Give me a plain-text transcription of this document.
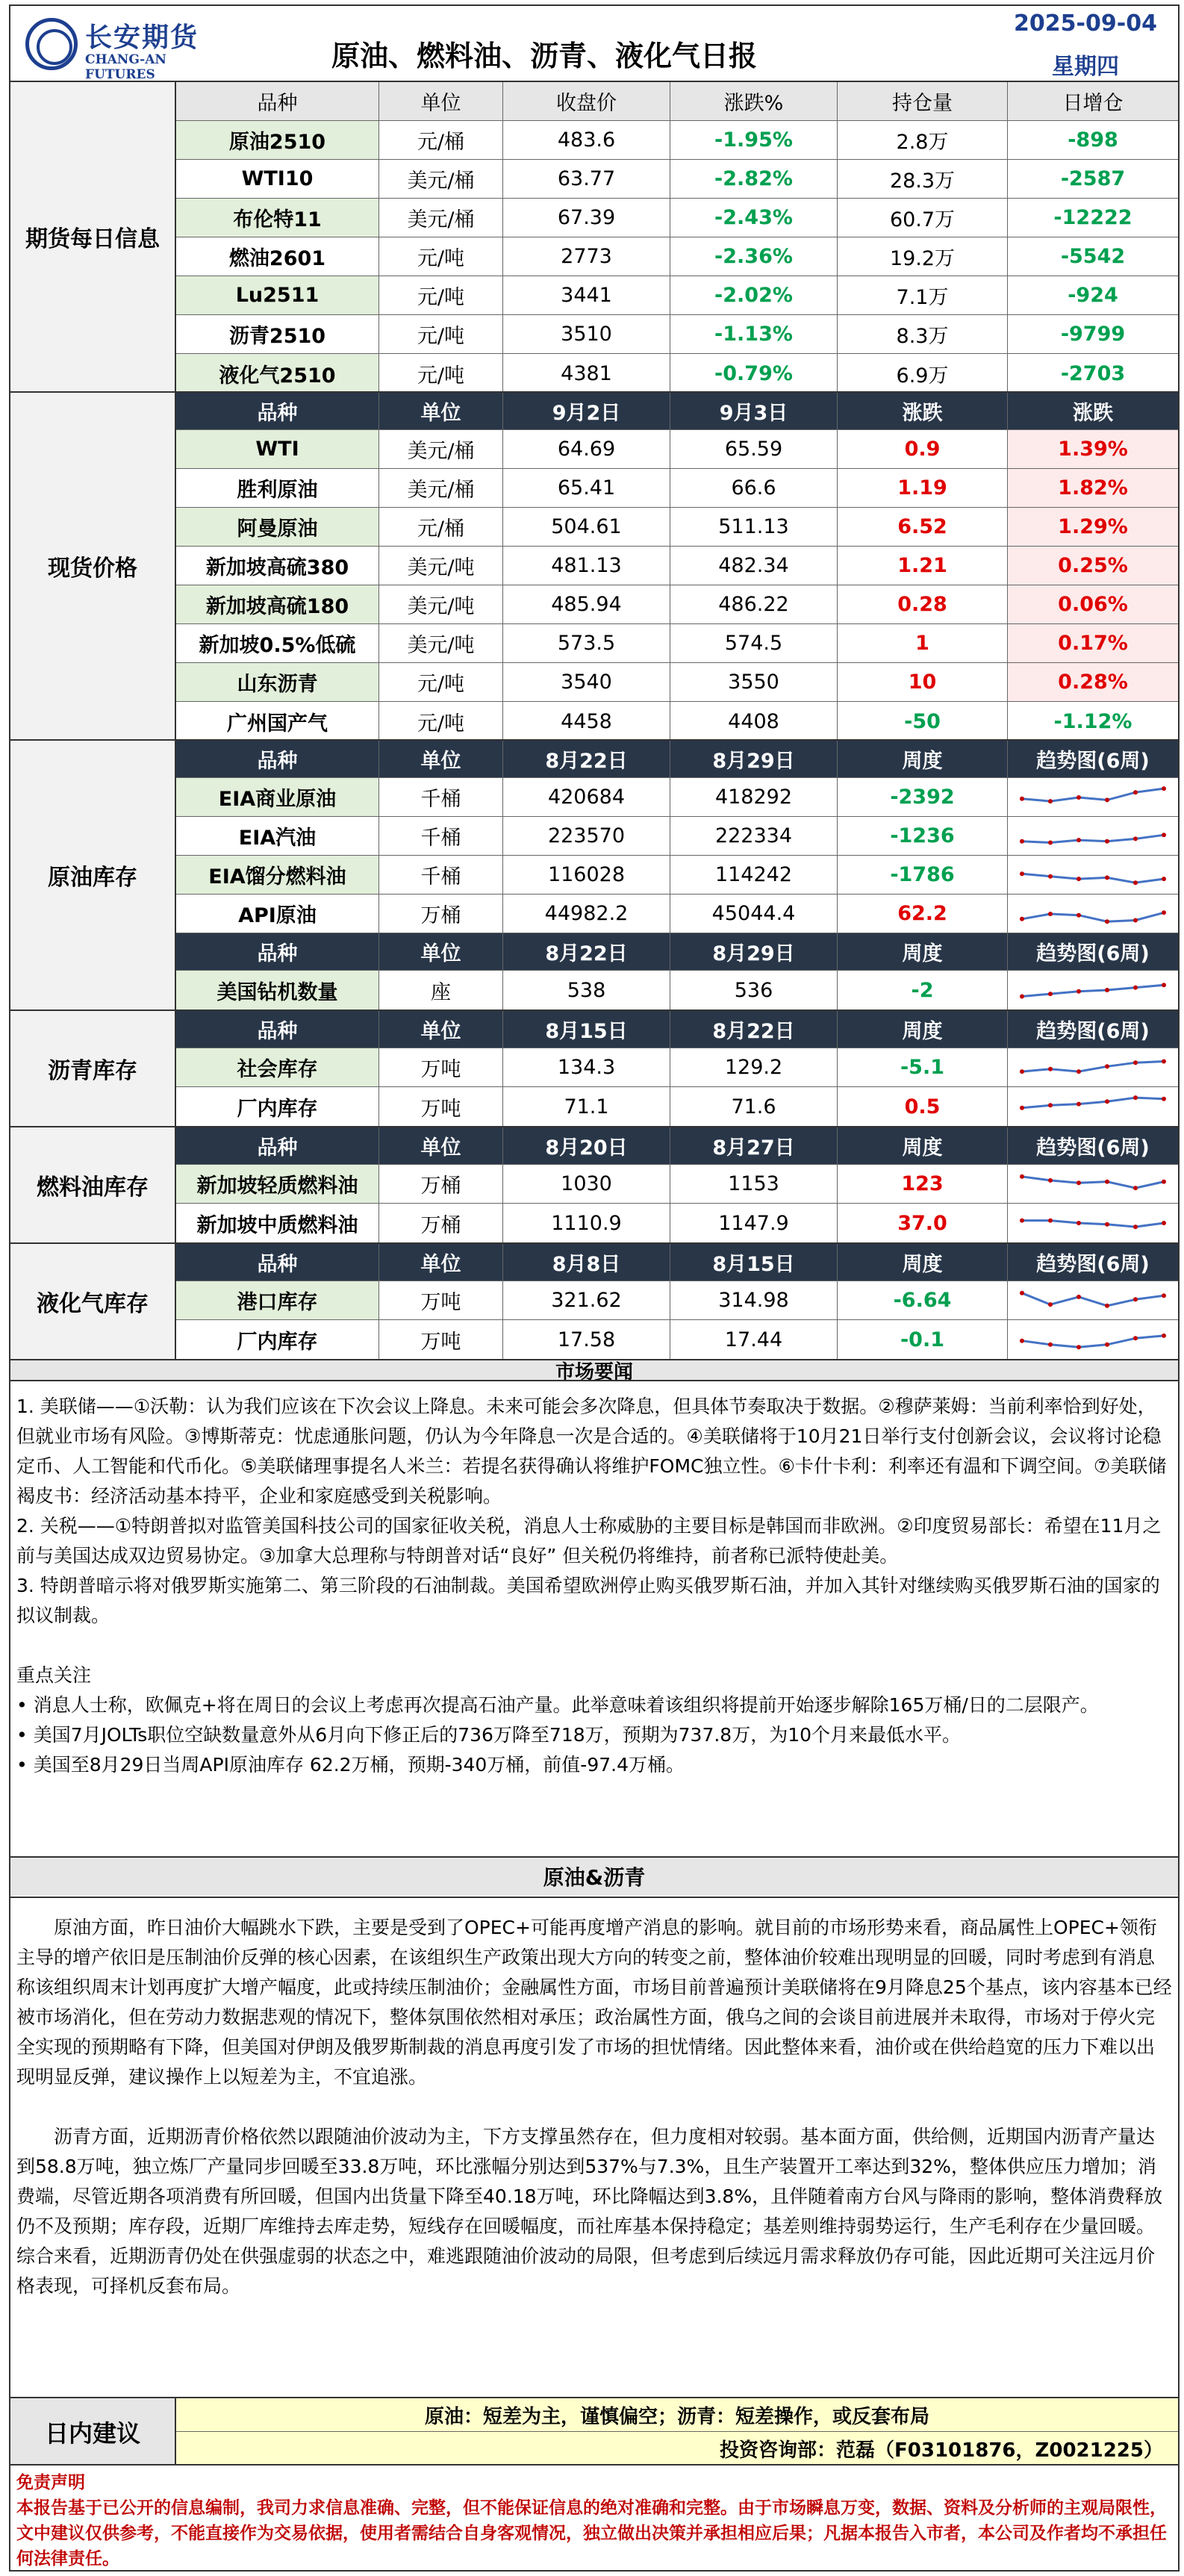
长安期货
CHANG-AN FUTURES
原油、燃料油、沥青、液化气日报
2025-09-04
星期四
期货每日信息
品种	单位	收盘价	涨跌%	持仓量	日增仓
原油2510	元/桶	483.6	-1.95%	2.8万	-898
WTI10	美元/桶	63.77	-2.82%	28.3万	-2587
布伦特11	美元/桶	67.39	-2.43%	60.7万	-12222
燃油2601	元/吨	2773	-2.36%	19.2万	-5542
Lu2511	元/吨	3441	-2.02%	7.1万	-924
沥青2510	元/吨	3510	-1.13%	8.3万	-9799
液化气2510	元/吨	4381	-0.79%	6.9万	-2703
现货价格
品种	单位	9月2日	9月3日	涨跌	涨跌
WTI	美元/桶	64.69	65.59	0.9	1.39%
胜利原油	美元/桶	65.41	66.6	1.19	1.82%
阿曼原油	元/桶	504.61	511.13	6.52	1.29%
新加坡高硫380	美元/吨	481.13	482.34	1.21	0.25%
新加坡高硫180	美元/吨	485.94	486.22	0.28	0.06%
新加坡0.5%低硫	美元/吨	573.5	574.5	1	0.17%
山东沥青	元/吨	3540	3550	10	0.28%
广州国产气	元/吨	4458	4408	-50	-1.12%
原油库存
品种	单位	8月22日	8月29日	周度	趋势图(6周)
EIA商业原油	千桶	420684	418292	-2392
EIA汽油	千桶	223570	222334	-1236
EIA馏分燃料油	千桶	116028	114242	-1786
API原油	万桶	44982.2	45044.4	62.2
品种	单位	8月22日	8月29日	周度	趋势图(6周)
美国钻机数量	座	538	536	-2
沥青库存
品种	单位	8月15日	8月22日	周度	趋势图(6周)
社会库存	万吨	134.3	129.2	-5.1
厂内库存	万吨	71.1	71.6	0.5
燃料油库存
品种	单位	8月20日	8月27日	周度	趋势图(6周)
新加坡轻质燃料油	万桶	1030	1153	123
新加坡中质燃料油	万桶	1110.9	1147.9	37.0
液化气库存
品种	单位	8月8日	8月15日	周度	趋势图(6周)
港口库存	万吨	321.62	314.98	-6.64
厂内库存	万吨	17.58	17.44	-0.1
市场要闻

1. 美联储——①沃勒：认为我们应该在下次会议上降息。未来可能会多次降息，但具体节奏取决于数据。②穆萨莱姆：当前利率恰到好处，但就业市场有风险。③博斯蒂克：忧虑通胀问题，仍认为今年降息一次是合适的。④美联储将于10月21日举行支付创新会议，会议将讨论稳定币、人工智能和代币化。⑤美联储理事提名人米兰：若提名获得确认将维护FOMC独立性。⑥卡什卡利：利率还有温和下调空间。⑦美联储褐皮书：经济活动基本持平，企业和家庭感受到关税影响。

2. 关税——①特朗普拟对监管美国科技公司的国家征收关税，消息人士称威胁的主要目标是韩国而非欧洲。②印度贸易部长：希望在11月之前与美国达成双边贸易协定。③加拿大总理称与特朗普对话“良好” 但关税仍将维持，前者称已派特使赴美。

3. 特朗普暗示将对俄罗斯实施第二、第三阶段的石油制裁。美国希望欧洲停止购买俄罗斯石油，并加入其针对继续购买俄罗斯石油的国家的拟议制裁。

重点关注

• 消息人士称，欧佩克+将在周日的会议上考虑再次提高石油产量。此举意味着该组织将提前开始逐步解除165万桶/日的二层限产。

• 美国7月JOLTs职位空缺数量意外从6月向下修正后的736万降至718万，预期为737.8万，为10个月来最低水平。

• 美国至8月29日当周API原油库存 62.2万桶，预期-340万桶，前值-97.4万桶。

原油&沥青

原油方面，昨日油价大幅跳水下跌，主要是受到了OPEC+可能再度增产消息的影响。就目前的市场形势来看，商品属性上OPEC+领衔主导的增产依旧是压制油价反弹的核心因素，在该组织生产政策出现大方向的转变之前，整体油价较难出现明显的回暖，同时考虑到有消息称该组织周末计划再度扩大增产幅度，此或持续压制油价；金融属性方面，市场目前普遍预计美联储将在9月降息25个基点，该内容基本已经被市场消化，但在劳动力数据悲观的情况下，整体氛围依然相对承压；政治属性方面，俄乌之间的会谈目前进展并未取得，市场对于停火完全实现的预期略有下降，但美国对伊朗及俄罗斯制裁的消息再度引发了市场的担忧情绪。因此整体来看，油价或在供给趋宽的压力下难以出现明显反弹，建议操作上以短差为主，不宜追涨。

沥青方面，近期沥青价格依然以跟随油价波动为主，下方支撑虽然存在，但力度相对较弱。基本面方面，供给侧，近期国内沥青产量达到58.8万吨，独立炼厂产量同步回暖至33.8万吨，环比涨幅分别达到537%与7.3%，且生产装置开工率达到32%，整体供应压力增加；消费端，尽管近期各项消费有所回暖，但国内出货量下降至40.18万吨，环比降幅达到3.8%，且伴随着南方台风与降雨的影响，整体消费释放仍不及预期；库存段，近期厂库维持去库走势，短线存在回暖幅度，而社库基本保持稳定；基差则维持弱势运行，生产毛利存在少量回暖。综合来看，近期沥青仍处在供强虚弱的状态之中，难逃跟随油价波动的局限，但考虑到后续远月需求释放仍存可能，因此近期可关注远月价格表现，可择机反套布局。

日内建议
原油：短差为主，谨慎偏空；沥青：短差操作，或反套布局
投资咨询部：范磊（F03101876，Z0021225）
免责声明
本报告基于已公开的信息编制，我司力求信息准确、完整，但不能保证信息的绝对准确和完整。由于市场瞬息万变，数据、资料及分析师的主观局限性，文中建议仅供参考，不能直接作为交易依据，使用者需结合自身客观情况，独立做出决策并承担相应后果；凡据本报告入市者，本公司及作者均不承担任何法律责任。
